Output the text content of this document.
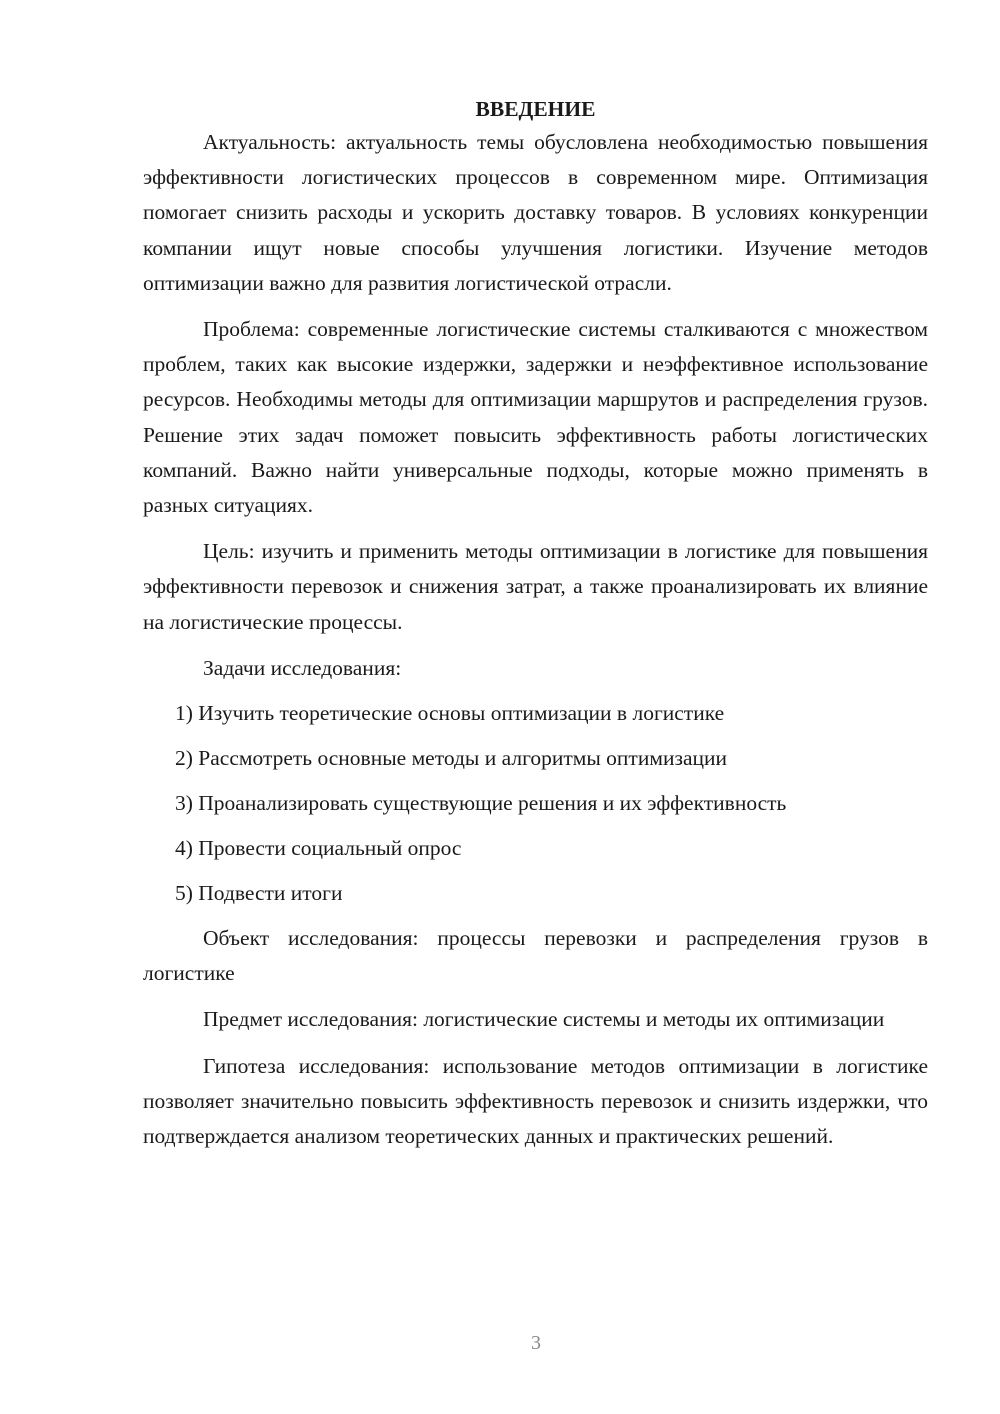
ВВЕДЕНИЕ

Актуальность: актуальность темы обусловлена необходимостью повышения эффективности логистических процессов в современном мире. Оптимизация помогает снизить расходы и ускорить доставку товаров. В условиях конкуренции компании ищут новые способы улучшения логистики. Изучение методов оптимизации важно для развития логистической отрасли.

Проблема: современные логистические системы сталкиваются с множеством проблем, таких как высокие издержки, задержки и неэффективное использование ресурсов. Необходимы методы для оптимизации маршрутов и распределения грузов. Решение этих задач поможет повысить эффективность работы логистических компаний. Важно найти универсальные подходы, которые можно применять в разных ситуациях.

Цель: изучить и применить методы оптимизации в логистике для повышения эффективности перевозок и снижения затрат, а также проанализировать их влияние на логистические процессы.

Задачи исследования:

1) Изучить теоретические основы оптимизации в логистике

2) Рассмотреть основные методы и алгоритмы оптимизации

3) Проанализировать существующие решения и их эффективность

4) Провести социальный опрос

5) Подвести итоги

Объект исследования: процессы перевозки и распределения грузов в логистике

Предмет исследования: логистические системы и методы их оптимизации

Гипотеза исследования: использование методов оптимизации в логистике позволяет значительно повысить эффективность перевозок и снизить издержки, что подтверждается анализом теоретических данных и практических решений.

3
